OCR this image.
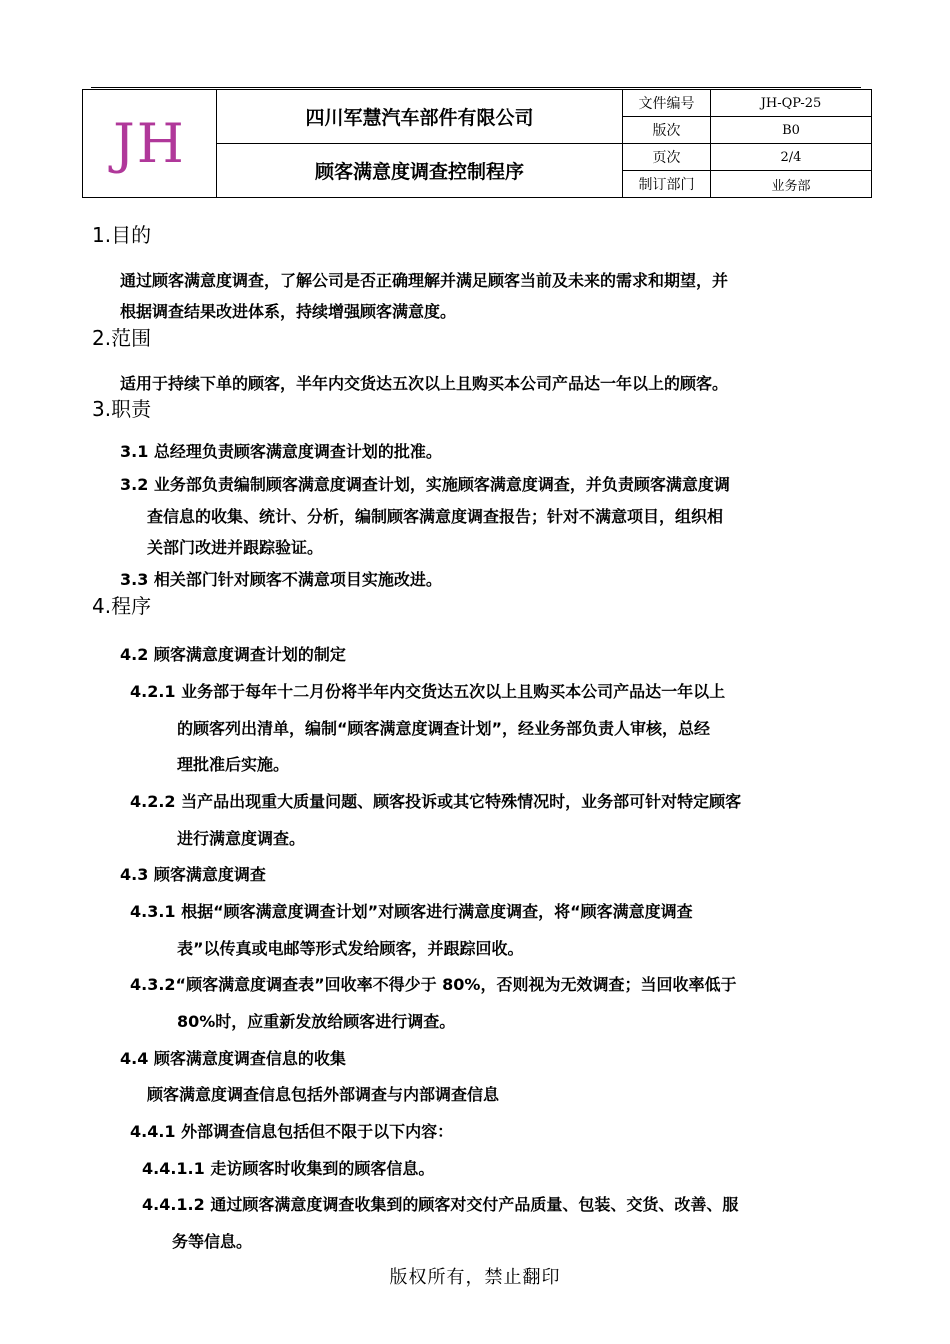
JH	四川军慧汽车部件有限公司	文件编号	JH-QP-25
		版次	B0
	顾客满意度调查控制程序	页次	2/4
		制订部门	业务部
1.目的
通过顾客满意度调查，了解公司是否正确理解并满足顾客当前及未来的需求和期望，并
根据调查结果改进体系，持续增强顾客满意度。
2.范围
适用于持续下单的顾客，半年内交货达五次以上且购买本公司产品达一年以上的顾客。
3.职责
3.1 总经理负责顾客满意度调查计划的批准。
3.2 业务部负责编制顾客满意度调查计划，实施顾客满意度调查，并负责顾客满意度调
查信息的收集、统计、分析，编制顾客满意度调查报告；针对不满意项目，组织相
关部门改进并跟踪验证。
3.3 相关部门针对顾客不满意项目实施改进。
4.程序
4.2 顾客满意度调查计划的制定
4.2.1 业务部于每年十二月份将半年内交货达五次以上且购买本公司产品达一年以上
的顾客列出清单，编制“顾客满意度调查计划”，经业务部负责人审核，总经
理批准后实施。
4.2.2 当产品出现重大质量问题、顾客投诉或其它特殊情况时，业务部可针对特定顾客
进行满意度调查。
4.3 顾客满意度调查
4.3.1 根据“顾客满意度调查计划”对顾客进行满意度调查，将“顾客满意度调查
表”以传真或电邮等形式发给顾客，并跟踪回收。
4.3.2“顾客满意度调查表”回收率不得少于 80%，否则视为无效调查；当回收率低于
80%时，应重新发放给顾客进行调查。
4.4 顾客满意度调查信息的收集
顾客满意度调查信息包括外部调查与内部调查信息
4.4.1 外部调查信息包括但不限于以下内容：
4.4.1.1 走访顾客时收集到的顾客信息。
4.4.1.2 通过顾客满意度调查收集到的顾客对交付产品质量、包装、交货、改善、服
务等信息。
版权所有，禁止翻印
